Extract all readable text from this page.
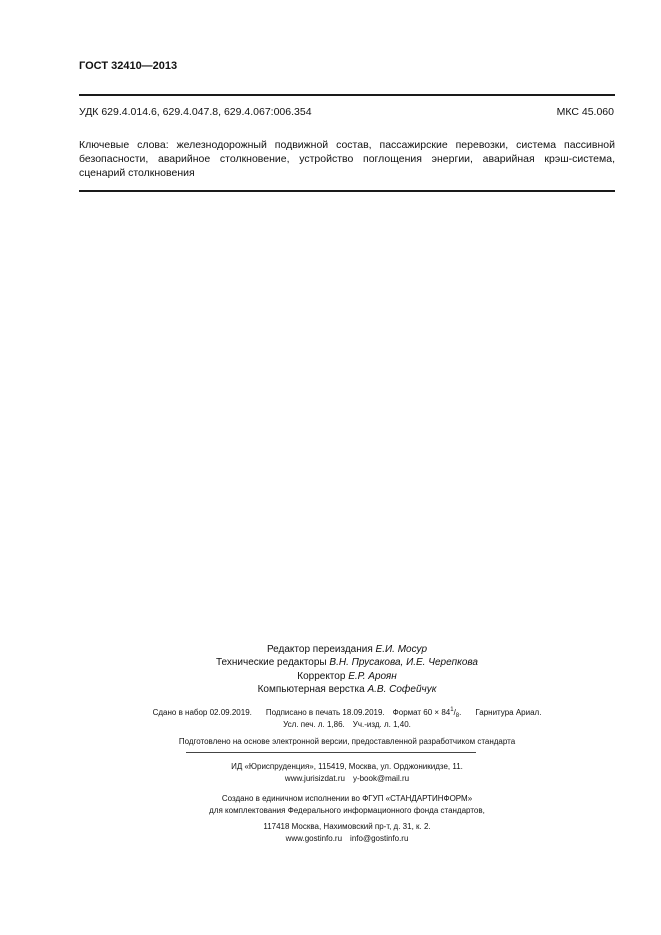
ГОСТ 32410—2013
УДК 629.4.014.6, 629.4.047.8, 629.4.067:006.354	МКС 45.060
Ключевые слова: железнодорожный подвижной состав, пассажирские перевозки, система пассивной безопасности, аварийное столкновение, устройство поглощения энергии, аварийная крэш-система, сценарий столкновения
Редактор переиздания Е.И. Мосур
Технические редакторы В.Н. Прусакова, И.Е. Черепкова
Корректор Е.Р. Ароян
Компьютерная верстка А.В. Софейчук
Сдано в набор 02.09.2019. Подписано в печать 18.09.2019. Формат $60 \times 84^1/_8$. Гарнитура Ариал.
Усл. печ. л. 1,86. Уч.-изд. л. 1,40.
Подготовлено на основе электронной версии, предоставленной разработчиком стандарта
ИД «Юриспруденция», 115419, Москва, ул. Орджоникидзе, 11.
www.jurisizdat.ru y-book@mail.ru
Создано в единичном исполнении во ФГУП «СТАНДАРТИНФОРМ»
для комплектования Федерального информационного фонда стандартов,
117418 Москва, Нахимовский пр-т, д. 31, к. 2.
www.gostinfo.ru info@gostinfo.ru
